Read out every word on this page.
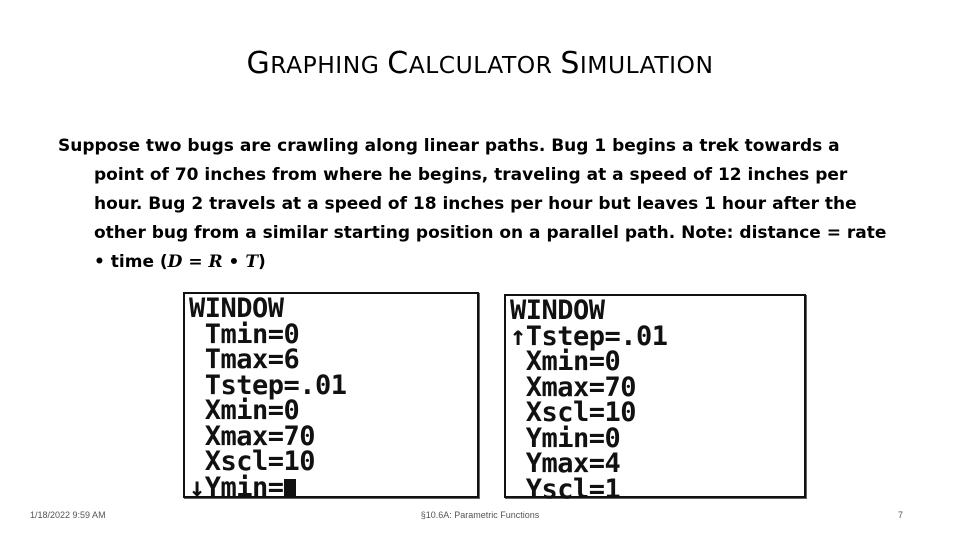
GRAPHING CALCULATOR SIMULATION
Suppose two bugs are crawling along linear paths. Bug 1 begins a trek towards a point of 70 inches from where he begins, traveling at a speed of 12 inches per hour. Bug 2 travels at a speed of 18 inches per hour but leaves 1 hour after the other bug from a similar starting position on a parallel path. Note: distance = rate • time (D = R • T)
WINDOW
Tmin=0
Tmax=6
Tstep=.01
Xmin=0
Xmax=70
Xscl=10
↓Ymin=
WINDOW
↑Tstep=.01
Xmin=0
Xmax=70
Xscl=10
Ymin=0
Ymax=4
Yscl=1
1/18/2022 9:59 AM	§10.6A: Parametric Functions	7
